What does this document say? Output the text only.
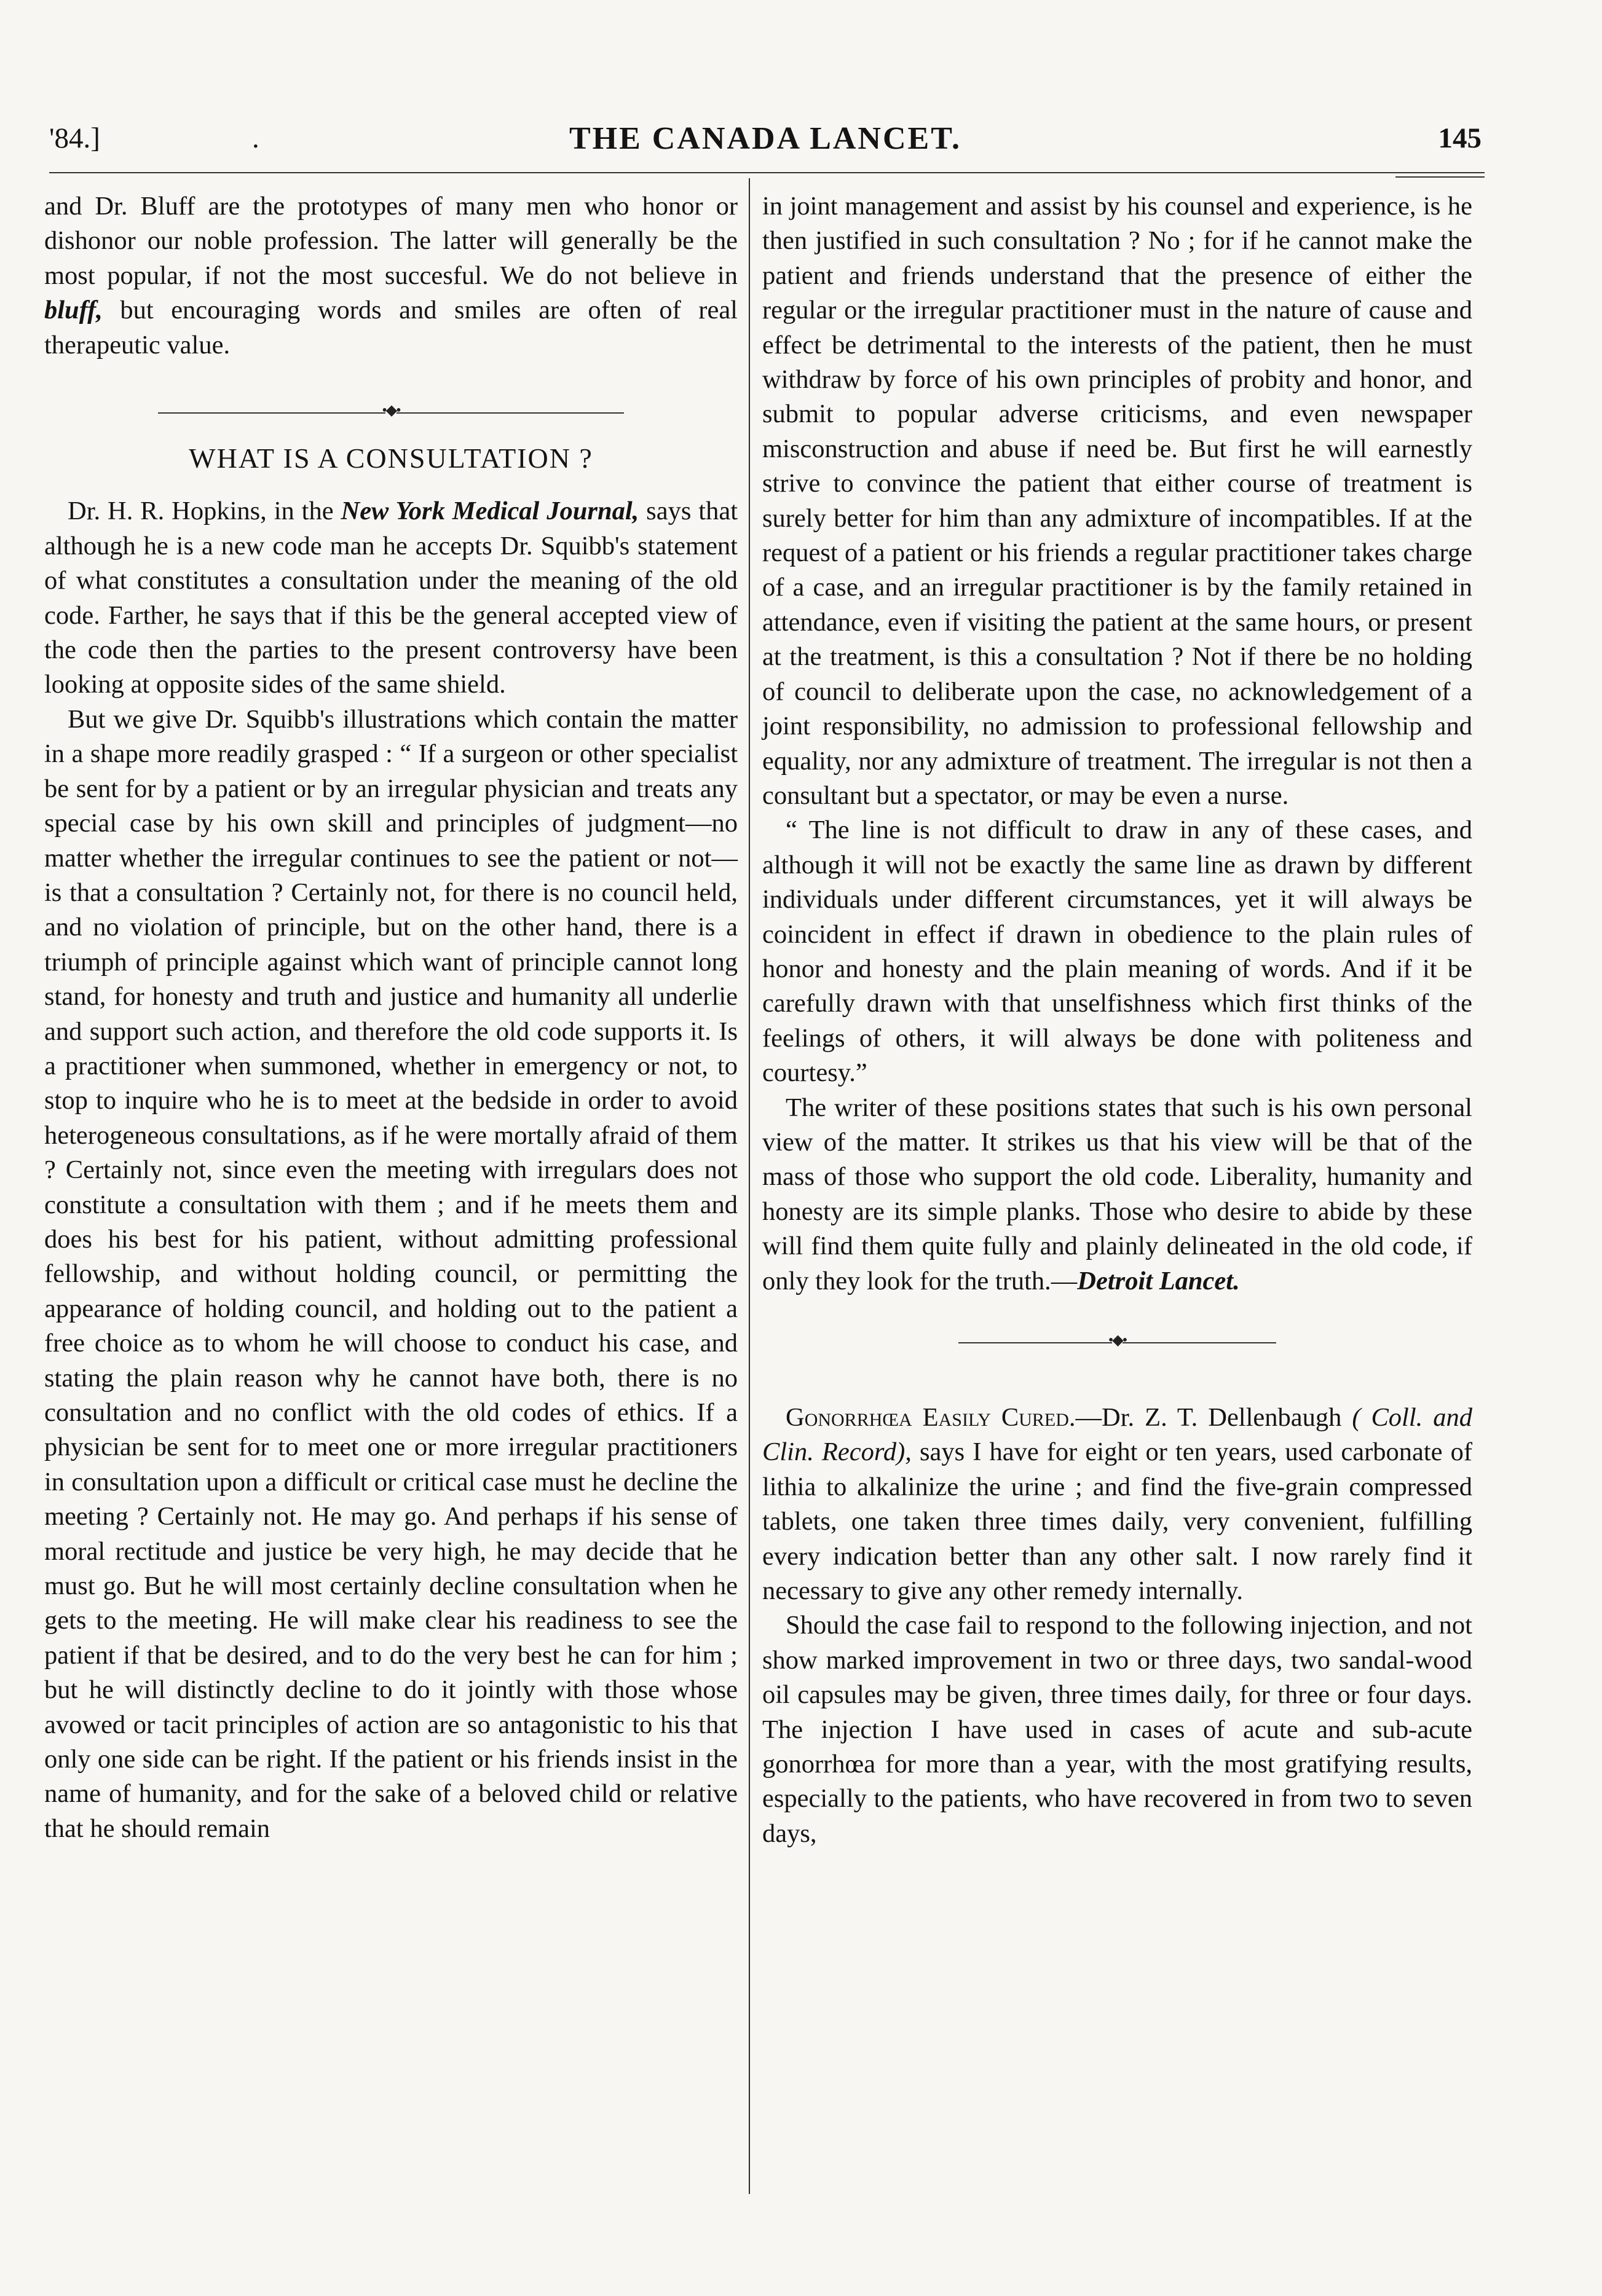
'84.]	.	THE CANADA LANCET.	145

and Dr. Bluff are the prototypes of many men who honor or dishonor our noble profession. The latter will generally be the most popular, if not the most succesful. We do not believe in bluff, but encouraging words and smiles are often of real therapeutic value.

•◆•
WHAT IS A CONSULTATION ?

Dr. H. R. Hopkins, in the New York Medical Journal, says that although he is a new code man he accepts Dr. Squibb's statement of what constitutes a consultation under the meaning of the old code. Farther, he says that if this be the general accepted view of the code then the parties to the present controversy have been looking at opposite sides of the same shield.

But we give Dr. Squibb's illustrations which contain the matter in a shape more readily grasped : “ If a surgeon or other specialist be sent for by a patient or by an irregular physician and treats any special case by his own skill and principles of judgment—no matter whether the irregular continues to see the patient or not—is that a consultation ? Certainly not, for there is no council held, and no violation of principle, but on the other hand, there is a triumph of principle against which want of principle cannot long stand, for honesty and truth and justice and humanity all underlie and support such action, and therefore the old code supports it. Is a practitioner when summoned, whether in emergency or not, to stop to inquire who he is to meet at the bedside in order to avoid heterogeneous consultations, as if he were mortally afraid of them ? Certainly not, since even the meeting with irregulars does not constitute a consultation with them ; and if he meets them and does his best for his patient, without admitting professional fellowship, and without holding council, or permitting the appearance of holding council, and holding out to the patient a free choice as to whom he will choose to conduct his case, and stating the plain reason why he cannot have both, there is no consultation and no conflict with the old codes of ethics. If a physician be sent for to meet one or more irregular practitioners in consultation upon a difficult or critical case must he decline the meeting ? Certainly not. He may go. And perhaps if his sense of moral rectitude and justice be very high, he may decide that he must go. But he will most certainly decline consultation when he gets to the meeting. He will make clear his readiness to see the patient if that be desired, and to do the very best he can for him ; but he will distinctly decline to do it jointly with those whose avowed or tacit principles of action are so antagonistic to his that only one side can be right. If the patient or his friends insist in the name of humanity, and for the sake of a beloved child or relative that he should remain

in joint management and assist by his counsel and experience, is he then justified in such consultation ? No ; for if he cannot make the patient and friends understand that the presence of either the regular or the irregular practitioner must in the nature of cause and effect be detrimental to the interests of the patient, then he must withdraw by force of his own principles of probity and honor, and submit to popular adverse criticisms, and even newspaper misconstruction and abuse if need be. But first he will earnestly strive to convince the patient that either course of treatment is surely better for him than any admixture of incompatibles. If at the request of a patient or his friends a regular practitioner takes charge of a case, and an irregular practitioner is by the family retained in attendance, even if visiting the patient at the same hours, or present at the treatment, is this a consultation ? Not if there be no holding of council to deliberate upon the case, no acknowledgement of a joint responsibility, no admission to professional fellowship and equality, nor any admixture of treatment. The irregular is not then a consultant but a spectator, or may be even a nurse.

“ The line is not difficult to draw in any of these cases, and although it will not be exactly the same line as drawn by different individuals under different circumstances, yet it will always be coincident in effect if drawn in obedience to the plain rules of honor and honesty and the plain meaning of words. And if it be carefully drawn with that unselfishness which first thinks of the feelings of others, it will always be done with politeness and courtesy.”

The writer of these positions states that such is his own personal view of the matter. It strikes us that his view will be that of the mass of those who support the old code. Liberality, humanity and honesty are its simple planks. Those who desire to abide by these will find them quite fully and plainly delineated in the old code, if only they look for the truth.—Detroit Lancet.

•◆•

Gonorrhœa Easily Cured.—Dr. Z. T. Dellenbaugh ( Coll. and Clin. Record), says I have for eight or ten years, used carbonate of lithia to alkalinize the urine ; and find the five-grain compressed tablets, one taken three times daily, very convenient, fulfilling every indication better than any other salt. I now rarely find it necessary to give any other remedy internally.

Should the case fail to respond to the following injection, and not show marked improvement in two or three days, two sandal-wood oil capsules may be given, three times daily, for three or four days. The injection I have used in cases of acute and sub-acute gonorrhœa for more than a year, with the most gratifying results, especially to the patients, who have recovered in from two to seven days,
